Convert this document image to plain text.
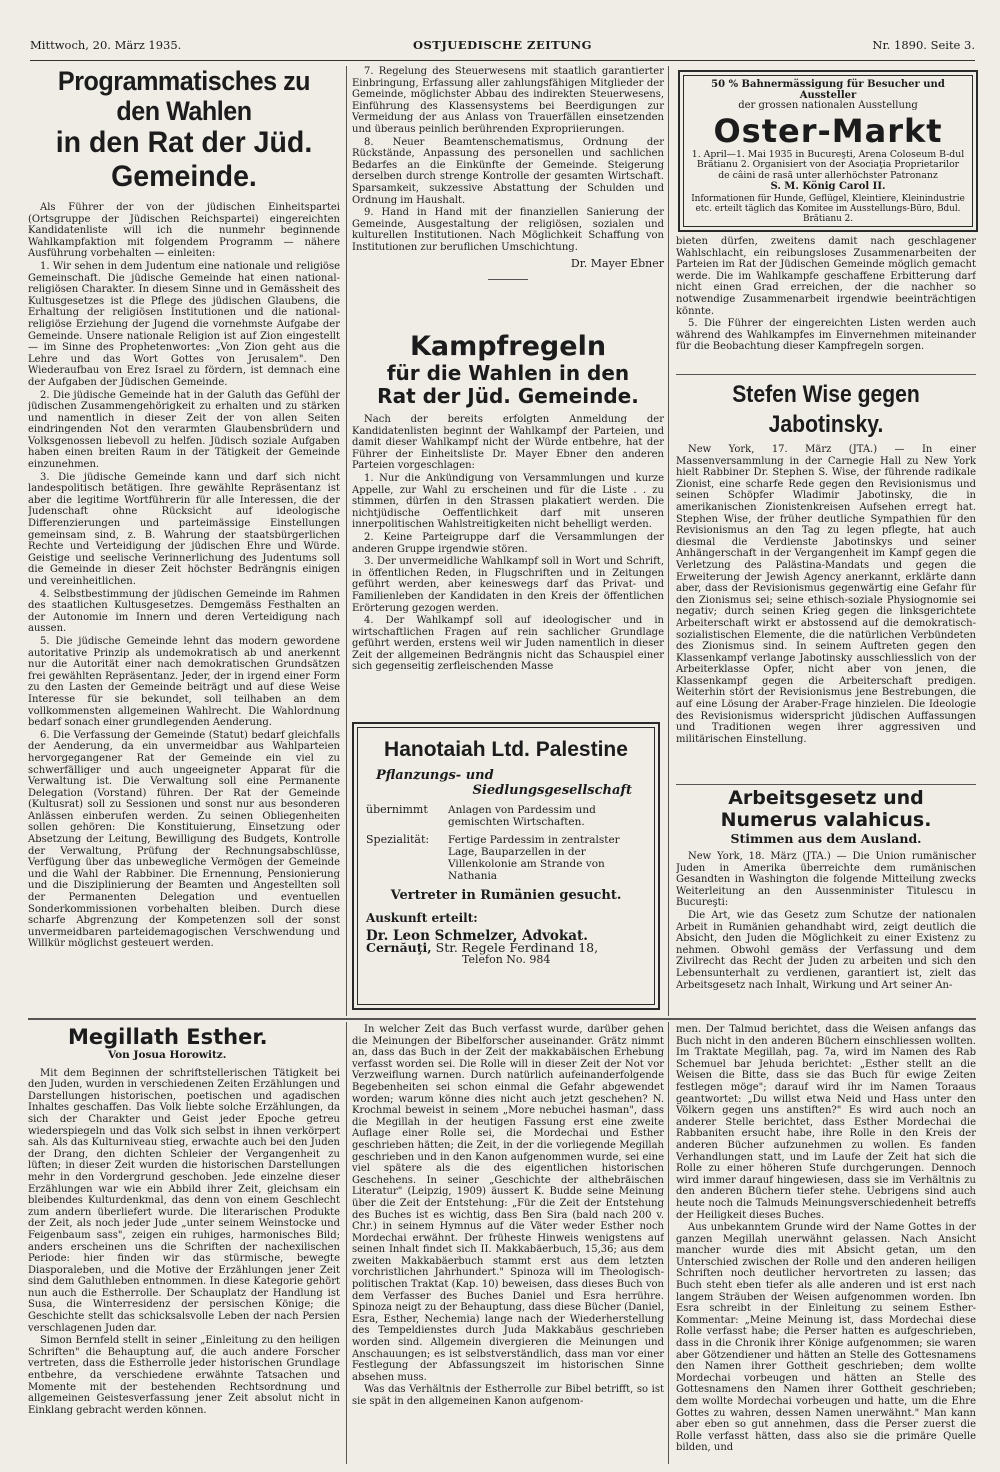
Mittwoch, 20. März 1935.	OSTJUEDISCHE ZEITUNG	Nr. 1890. Seite 3.
Programmatisches zu den Wahlen
in den Rat der Jüd. Gemeinde.

Als Führer der von der jüdischen Einheitspartei (Ortsgruppe der Jüdischen Reichspartei) eingereichten Kandidatenliste will ich die nunmehr beginnende Wahlkampfaktion mit folgendem Programm — nähere Ausführung vorbehalten — einleiten:

1. Wir sehen in dem Judentum eine nationale und religiöse Gemeinschaft. Die jüdische Gemeinde hat einen national-religiösen Charakter. In diesem Sinne und in Gemässheit des Kultusgesetzes ist die Pflege des jüdischen Glaubens, die Erhaltung der religiösen Institutionen und die national-religiöse Erziehung der Jugend die vornehmste Aufgabe der Gemeinde. Unsere nationale Religion ist auf Zion eingestellt — im Sinne des Prophetenwortes: „Von Zion geht aus die Lehre und das Wort Gottes von Jerusalem". Den Wiederaufbau von Erez Israel zu fördern, ist demnach eine der Aufgaben der Jüdischen Gemeinde.

2. Die jüdische Gemeinde hat in der Galuth das Gefühl der jüdischen Zusammengehörigkeit zu erhalten und zu stärken und namentlich in dieser Zeit der von allen Seiten eindringenden Not den verarmten Glaubensbrüdern und Volksgenossen liebevoll zu helfen. Jüdisch soziale Aufgaben haben einen breiten Raum in der Tätigkeit der Gemeinde einzunehmen.

3. Die jüdische Gemeinde kann und darf sich nicht landespolitisch betätigen. Ihre gewählte Repräsentanz ist aber die legitime Wortführerin für alle Interessen, die der Judenschaft ohne Rücksicht auf ideologische Differenzierungen und parteimässige Einstellungen gemeinsam sind, z. B. Wahrung der staatsbürgerlichen Rechte und Verteidigung der jüdischen Ehre und Würde. Geistige und seelische Verinnerlichung des Judentums soll die Gemeinde in dieser Zeit höchster Bedrängnis einigen und vereinheitlichen.

4. Selbstbestimmung der jüdischen Gemeinde im Rahmen des staatlichen Kultusgesetzes. Demgemäss Festhalten an der Autonomie im Innern und deren Verteidigung nach aussen.

5. Die jüdische Gemeinde lehnt das modern gewordene autoritative Prinzip als undemokratisch ab und anerkennt nur die Autorität einer nach demokratischen Grundsätzen frei gewählten Repräsentanz. Jeder, der in irgend einer Form zu den Lasten der Gemeinde beiträgt und auf diese Weise Interesse für sie bekundet, soll teilhaben an dem vollkommensten allgemeinen Wahlrecht. Die Wahlordnung bedarf sonach einer grundlegenden Aenderung.

6. Die Verfassung der Gemeinde (Statut) bedarf gleichfalls der Aenderung, da ein unvermeidbar aus Wahlparteien hervorgegangener Rat der Gemeinde ein viel zu schwerfälliger und auch ungeeigneter Apparat für die Verwaltung ist. Die Verwaltung soll eine Permanente Delegation (Vorstand) führen. Der Rat der Gemeinde (Kultusrat) soll zu Sessionen und sonst nur aus besonderen Anlässen einberufen werden. Zu seinen Obliegenheiten sollen gehören: Die Konstituierung, Einsetzung oder Absetzung der Leitung, Bewilligung des Budgets, Kontrolle der Verwaltung, Prüfung der Rechnungsabschlüsse, Verfügung über das unbewegliche Vermögen der Gemeinde und die Wahl der Rabbiner. Die Ernennung, Pensionierung und die Disziplinierung der Beamten und Angestellten soll der Permanenten Delegation und eventuellen Sonderkommissionen vorbehalten bleiben. Durch diese scharfe Abgrenzung der Kompetenzen soll der sonst unvermeidbaren parteidemagogischen Verschwendung und Willkür möglichst gesteuert werden.

7. Regelung des Steuerwesens mit staatlich garantierter Einbringung, Erfassung aller zahlungsfähigen Mitglieder der Gemeinde, möglichster Abbau des indirekten Steuerwesens, Einführung des Klassensystems bei Beerdigungen zur Vermeidung der aus Anlass von Trauerfällen einsetzenden und überaus peinlich berührenden Expropriierungen.

8. Neuer Beamtenschematismus, Ordnung der Rückstände, Anpassung des personellen und sachlichen Bedarfes an die Einkünfte der Gemeinde. Steigerung derselben durch strenge Kontrolle der gesamten Wirtschaft. Sparsamkeit, sukzessive Abstattung der Schulden und Ordnung im Haushalt.

9. Hand in Hand mit der finanziellen Sanierung der Gemeinde, Ausgestaltung der religiösen, sozialen und kulturellen Institutionen. Nach Möglichkeit Schaffung von Institutionen zur beruflichen Umschichtung.

Dr. Mayer Ebner
Kampfregeln
für die Wahlen in den
Rat der Jüd. Gemeinde.

Nach der bereits erfolgten Anmeldung der Kandidatenlisten beginnt der Wahlkampf der Parteien, und damit dieser Wahlkampf nicht der Würde entbehre, hat der Führer der Einheitsliste Dr. Mayer Ebner den anderen Parteien vorgeschlagen:

1. Nur die Ankündigung von Versammlungen und kurze Appelle, zur Wahl zu erscheinen und für die Liste . . zu stimmen, dürfen in den Strassen plakatiert werden. Die nichtjüdische Oeffentlichkeit darf mit unseren innerpolitischen Wahlstreitigkeiten nicht behelligt werden.

2. Keine Parteigruppe darf die Versammlungen der anderen Gruppe irgendwie stören.

3. Der unvermeidliche Wahlkampf soll in Wort und Schrift, in öffentlichen Reden, in Flugschriften und in Zeitungen geführt werden, aber keineswegs darf das Privat- und Familienleben der Kandidaten in den Kreis der öffentlichen Erörterung gezogen werden.

4. Der Wahlkampf soll auf ideologischer und in wirtschaftlichen Fragen auf rein sachlicher Grundlage geführt werden, erstens weil wir Juden namentlich in dieser Zeit der allgemeinen Bedrängnis nicht das Schauspiel einer sich gegenseitig zerfleischenden Masse

Hanotaiah Ltd. Palestine
Pflanzungs- und
Siedlungsgesellschaft
übernimmt	Anlagen von Pardessim und gemischten Wirtschaften.
Spezialität:	Fertige Pardessim in zentralster Lage, Bauparzellen in der Villenkolonie am Strande von Nathania
Vertreter in Rumänien gesucht.
Auskunft erteilt:
Dr. Leon Schmelzer, Advokat.
Cernăuţi, Str. Regele Ferdinand 18,
Telefon No. 984
50 % Bahnermässigung für Besucher und Aussteller
der grossen nationalen Ausstellung
Oster-Markt
1. April—1. Mai 1935 in Bucureşti, Arena Coloseum B-dul Brătianu 2. Organisiert von der Asociaţia Proprietarilor de câini de rasă unter allerhöchster Patronanz
S. M. König Carol II.
Informationen für Hunde, Geflügel, Kleintiere, Kleinindustrie etc. erteilt täglich das Komitee im Ausstellungs-Büro, Bdul. Brătianu 2.

bieten dürfen, zweitens damit nach geschlagener Wahlschlacht, ein reibungsloses Zusammenarbeiten der Parteien im Rat der Jüdischen Gemeinde möglich gemacht werde. Die im Wahlkampfe geschaffene Erbitterung darf nicht einen Grad erreichen, der die nachher so notwendige Zusammenarbeit irgendwie beeinträchtigen könnte.

5. Die Führer der eingereichten Listen werden auch während des Wahlkampfes im Einvernehmen miteinander für die Beobachtung dieser Kampfregeln sorgen.

Stefen Wise gegen Jabotinsky.

New York, 17. März (JTA.) — In einer Massenversammlung in der Carnegie Hall zu New York hielt Rabbiner Dr. Stephen S. Wise, der führende radikale Zionist, eine scharfe Rede gegen den Revisionismus und seinen Schöpfer Wladimir Jabotinsky, die in amerikanischen Zionistenkreisen Aufsehen erregt hat. Stephen Wise, der früher deutliche Sympathien für den Revisionismus an den Tag zu legen pflegte, hat auch diesmal die Verdienste Jabotinskys und seiner Anhängerschaft in der Vergangenheit im Kampf gegen die Verletzung des Palästina-Mandats und gegen die Erweiterung der Jewish Agency anerkannt, erklärte dann aber, dass der Revisionismus gegenwärtig eine Gefahr für den Zionismus sei; seine ethisch-soziale Physiognomie sei negativ; durch seinen Krieg gegen die linksgerichtete Arbeiterschaft wirkt er abstossend auf die demokratisch-sozialistischen Elemente, die die natürlichen Verbündeten des Zionismus sind. In seinem Auftreten gegen den Klassenkampf verlange Jabotinsky ausschliesslich von der Arbeiterklasse Opfer, nicht aber von jenen, die Klassenkampf gegen die Arbeiterschaft predigen. Weiterhin stört der Revisionismus jene Bestrebungen, die auf eine Lösung der Araber-Frage hinzielen. Die Ideologie des Revisionismus widerspricht jüdischen Auffassungen und Traditionen wegen ihrer aggressiven und militärischen Einstellung.

Arbeitsgesetz und
Numerus valahicus.
Stimmen aus dem Ausland.

New York, 18. März (JTA.) — Die Union rumänischer Juden in Amerika überreichte dem rumänischen Gesandten in Washington die folgende Mitteilung zwecks Weiterleitung an den Aussenminister Titulescu in Bucureşti:

Die Art, wie das Gesetz zum Schutze der nationalen Arbeit in Rumänien gehandhabt wird, zeigt deutlich die Absicht, den Juden die Möglichkeit zu einer Existenz zu nehmen. Obwohl gemäss der Verfassung und dem Zivilrecht das Recht der Juden zu arbeiten und sich den Lebensunterhalt zu verdienen, garantiert ist, zielt das Arbeitsgesetz nach Inhalt, Wirkung und Art seiner An-

Megillath Esther.
Von Josua Horowitz.

Mit dem Beginnen der schriftstellerischen Tätigkeit bei den Juden, wurden in verschiedenen Zeiten Erzählungen und Darstellungen historischen, poetischen und agadischen Inhaltes geschaffen. Das Volk liebte solche Erzählungen, da sich der Charakter und Geist jeder Epoche getreu wiederspiegeln und das Volk sich selbst in ihnen verkörpert sah. Als das Kulturniveau stieg, erwachte auch bei den Juden der Drang, den dichten Schleier der Vergangenheit zu lüften; in dieser Zeit wurden die historischen Darstellungen mehr in den Vordergrund geschoben. Jede einzelne dieser Erzählungen war wie ein Abbild ihrer Zeit, gleichsam ein bleibendes Kulturdenkmal, das denn von einem Geschlecht zum andern überliefert wurde. Die literarischen Produkte der Zeit, als noch jeder Jude „unter seinem Weinstocke und Feigenbaum sass", zeigen ein ruhiges, harmonisches Bild; anders erscheinen uns die Schriften der nachexilischen Periode: hier finden wir das stürmische, bewegte Diasporaleben, und die Motive der Erzählungen jener Zeit sind dem Galuthleben entnommen. In diese Kategorie gehört nun auch die Estherrolle. Der Schauplatz der Handlung ist Susa, die Winterresidenz der persischen Könige; die Geschichte stellt das schicksalsvolle Leben der nach Persien verschlagenen Juden dar.

Simon Bernfeld stellt in seiner „Einleitung zu den heiligen Schriften" die Behauptung auf, die auch andere Forscher vertreten, dass die Estherrolle jeder historischen Grundlage entbehre, da verschiedene erwähnte Tatsachen und Momente mit der bestehenden Rechtsordnung und allgemeinen Geistesverfassung jener Zeit absolut nicht in Einklang gebracht werden können.

In welcher Zeit das Buch verfasst wurde, darüber gehen die Meinungen der Bibelforscher auseinander. Grätz nimmt an, dass das Buch in der Zeit der makkabäischen Erhebung verfasst worden sei. Die Rolle will in dieser Zeit der Not vor Verzweiflung warnen. Durch natürlich aufeinanderfolgende Begebenheiten sei schon einmal die Gefahr abgewendet worden; warum könne dies nicht auch jetzt geschehen? N. Krochmal beweist in seinem „More nebuchei hasman", dass die Megillah in der heutigen Fassung erst eine zweite Auflage einer Rolle sei, die Mordechai und Esther geschrieben hätten; die Zeit, in der die vorliegende Megillah geschrieben und in den Kanon aufgenommen wurde, sei eine viel spätere als die des eigentlichen historischen Geschehens. In seiner „Geschichte der althebräischen Literatur" (Leipzig, 1909) äussert K. Budde seine Meinung über die Zeit der Entstehung: „Für die Zeit der Entstehung des Buches ist es wichtig, dass Ben Sira (bald nach 200 v. Chr.) in seinem Hymnus auf die Väter weder Esther noch Mordechai erwähnt. Der früheste Hinweis wenigstens auf seinen Inhalt findet sich II. Makkabäerbuch, 15,36; aus dem zweiten Makkabäerbuch stammt erst aus dem letzten vorchristlichen Jahrhundert." Spinoza will im Theologisch-politischen Traktat (Kap. 10) beweisen, dass dieses Buch von dem Verfasser des Buches Daniel und Esra herrühre. Spinoza neigt zu der Behauptung, dass diese Bücher (Daniel, Esra, Esther, Nechemia) lange nach der Wiederherstellung des Tempeldienstes durch Juda Makkabäus geschrieben worden sind. Allgemein divergieren die Meinungen und Anschauungen; es ist selbstverständlich, dass man vor einer Festlegung der Abfassungszeit im historischen Sinne absehen muss.

Was das Verhältnis der Estherrolle zur Bibel betrifft, so ist sie spät in den allgemeinen Kanon aufgenom-

men. Der Talmud berichtet, dass die Weisen anfangs das Buch nicht in den anderen Büchern einschliessen wollten. Im Traktate Megillah, pag. 7a, wird im Namen des Rab Schemuel bar Jehuda berichtet: „Esther stellt an die Weisen die Bitte, dass sie das Buch für ewige Zeiten festlegen möge"; darauf wird ihr im Namen Toraaus geantwortet: „Du willst etwa Neid und Hass unter den Völkern gegen uns anstiften?" Es wird auch noch an anderer Stelle berichtet, dass Esther Mordechai die Rabbaniten ersucht habe, ihre Rolle in den Kreis der anderen Bücher aufzunehmen zu wollen. Es fanden Verhandlungen statt, und im Laufe der Zeit hat sich die Rolle zu einer höheren Stufe durchgerungen. Dennoch wird immer darauf hingewiesen, dass sie im Verhältnis zu den anderen Büchern tiefer stehe. Uebrigens sind auch heute noch die Talmuds Meinungsverschiedenheit betreffs der Heiligkeit dieses Buches.

Aus unbekanntem Grunde wird der Name Gottes in der ganzen Megillah unerwähnt gelassen. Nach Ansicht mancher wurde dies mit Absicht getan, um den Unterschied zwischen der Rolle und den anderen heiligen Schriften noch deutlicher hervortreten zu lassen; das Buch steht eben tiefer als alle anderen und ist erst nach langem Sträuben der Weisen aufgenommen worden. Ibn Esra schreibt in der Einleitung zu seinem Esther-Kommentar: „Meine Meinung ist, dass Mordechai diese Rolle verfasst habe; die Perser hatten es aufgeschrieben, dass in die Chronik ihrer Könige aufgenommen; sie waren aber Götzendiener und hätten an Stelle des Gottesnamens den Namen ihrer Gottheit geschrieben; dem wollte Mordechai vorbeugen und hätten an Stelle des Gottesnamens den Namen ihrer Gottheit geschrieben; dem wollte Mordechai vorbeugen und hatte, um die Ehre Gottes zu wahren, dessen Namen unerwähnt." Man kann aber eben so gut annehmen, dass die Perser zuerst die Rolle verfasst hätten, dass also sie die primäre Quelle bilden, und
